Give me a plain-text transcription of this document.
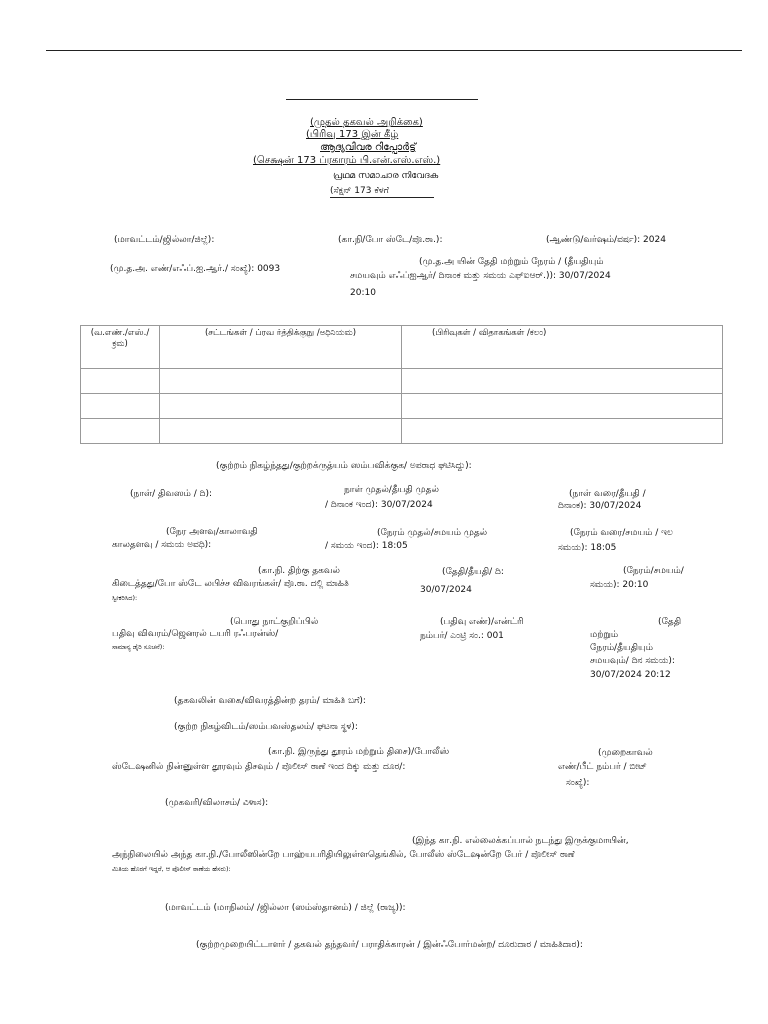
(முதல் தகவல் அறிக்கை)
(பிரிவு 173 இன் கீழ்
ആദ്യവിവര റിപ്പോർട്ട്
(செக்ஷன் 173 ப்ரகாரம் பி.என்.எஸ்.எஸ்.)
പ്രഥമ സമാചാര നിവേദക
(ಸೆಕ್ಷನ್ 173 ಕೆಳಗೆ
(மாவட்டம்/ஜில்லா/ಜಿಲ್ಲೆ):	(கா.நி/போ ஸ்டே/ಪೊ.ಠಾ.):	(ஆண்டு/வர்ஷம்/ವರ್ಷ): 2024
(மு.த.அ. எண்/எஃப்.ஐ.ஆர்./ ಸಂಖ್ಯೆ): 0093
(மு.த.அ யின் தேதி மற்றும் நேரம் / (தீயதியும்
சமயவும் எஃப்ஐஆர்/ ದಿನಾಂಕ ಮತ್ತು ಸಮಯ ಎಫ್ಐಆರ್.)): 30/07/2024
20:10
(வ.எண்./எஸ்./ ಕ್ರಮ)	(சட்டங்கள் / ப்ரவ ர்த்திக்குநு /ಅಧಿನಿಯಮ)	(பிரிவுகள் / விதாகங்கள் /ಕಲಂ)

(குற்றம் நிகழ்ந்தது/குற்றக்ருத்யம் ஸம்பவிக்குக/ ಅಪರಾಧ ಘಟಿಸಿದ್ದು):
(நாள்/ திவஸம் / ದಿ):	நாள் முதல்/தீயதி முதல்
/ ದಿನಾಂಕ ಇಂದ): 30/07/2024
(நாள் வரை/தீயதி /
ದಿನಾಂಕ): 30/07/2024
(நேர அளவு/காலாவதி
காலதளவு / ಸಮಯ ಅವಧಿ):
(நேரம் முதல்/சமயம் முதல்
/ ಸಮಯ ಇಂದ): 18:05
(நேரம் வரை/சமயம் / ಇಲ
ಸಮಯ): 18:05
(கா.நி. திற்கு தகவல்
கிடைத்தது/போ ஸ்டே லபிச்ச விவரங்கள்/ ಪೊ.ಠಾ. ದಲ್ಲಿ ಮಾಹಿತಿ
ಸ್ವೀಕರಿಸಿದ):
(தேதி/தீயதி/ ದಿ:
30/07/2024
(நேரம்/சமயம்/
ಸಮಯ): 20:10
(பொது நாட்குறிப்பில்
பதிவு விவரம்/ஜெனரல் டயரி ரஃபரன்ஸ்/
ಸಾಮಾನ್ಯ ಡೈರಿ ಸೂಚನೆ):
(பதிவு எண்)/என்ட்ரி
நம்பர்/ ಎಂಟ್ರಿ ಸಂ.: 001
(தேதி
மற்றும்
நேரம்/தீயதியும்
சமயவும்/ ದಿನ ಸಮಯ):
30/07/2024 20:12
(தகவலின் வகை/விவரத்தின்ற தரம்/ ಮಾಹಿತಿ ಬಗೆ):
(குற்ற நிகழ்விடம்/ஸம்பவஸ்தலம்/ ಘಟನಾ ಸ್ಥಳ):
(கா.நி. இருந்து தூரம் மற்றும் திசை)/போலீஸ்
ஸ்டேஷனில் நின்னுள்ள தூரவும் திசவும் / ಪೊಲೀಸ್ ಠಾಣೆ ಇಂದ ದಿಕ್ಕು ಮತ್ತು ದೂರ/:
(முறைகாவல்
எண்/பீட் நம்பர் / ಬೀಟ್
ಸಂಖ್ಯೆ):
(முகவரி/விலாசம்/ ವಿಳಾಸ):
(இந்த கா.நி. எல்லைக்கப்பால் நடந்து இருக்குமாயின்,
அந்நிலையில் அந்த கா.நி./போலீஸின்றே பாஹ்யபரிதியிலுள்ளதெங்கில், போலீஸ் ஸ்டேஷன்றே பேர் / ಪೊಲೀಸ್ ಠಾಣೆ
ಮಿತಿಯ ಹೊರಗೆ ಇದ್ದರೆ, ಆ ಪೊಲೀಸ್ ಠಾಣೆಯ ಹೆಸರು):
(மாவட்டம் (மாநிலம்/ /ஜில்லா (ஸம்ஸ்தானம்) / ಜಿಲ್ಲೆ (ರಾಜ್ಯ)):
(குற்றமுறையிட்டாளர் / தகவல் தந்தவர்/ பராதிக்காரன் / இன்ஃபோர்மன்ற/ ದೂರುದಾರ / ಮಾಹಿತಿದಾರ):
